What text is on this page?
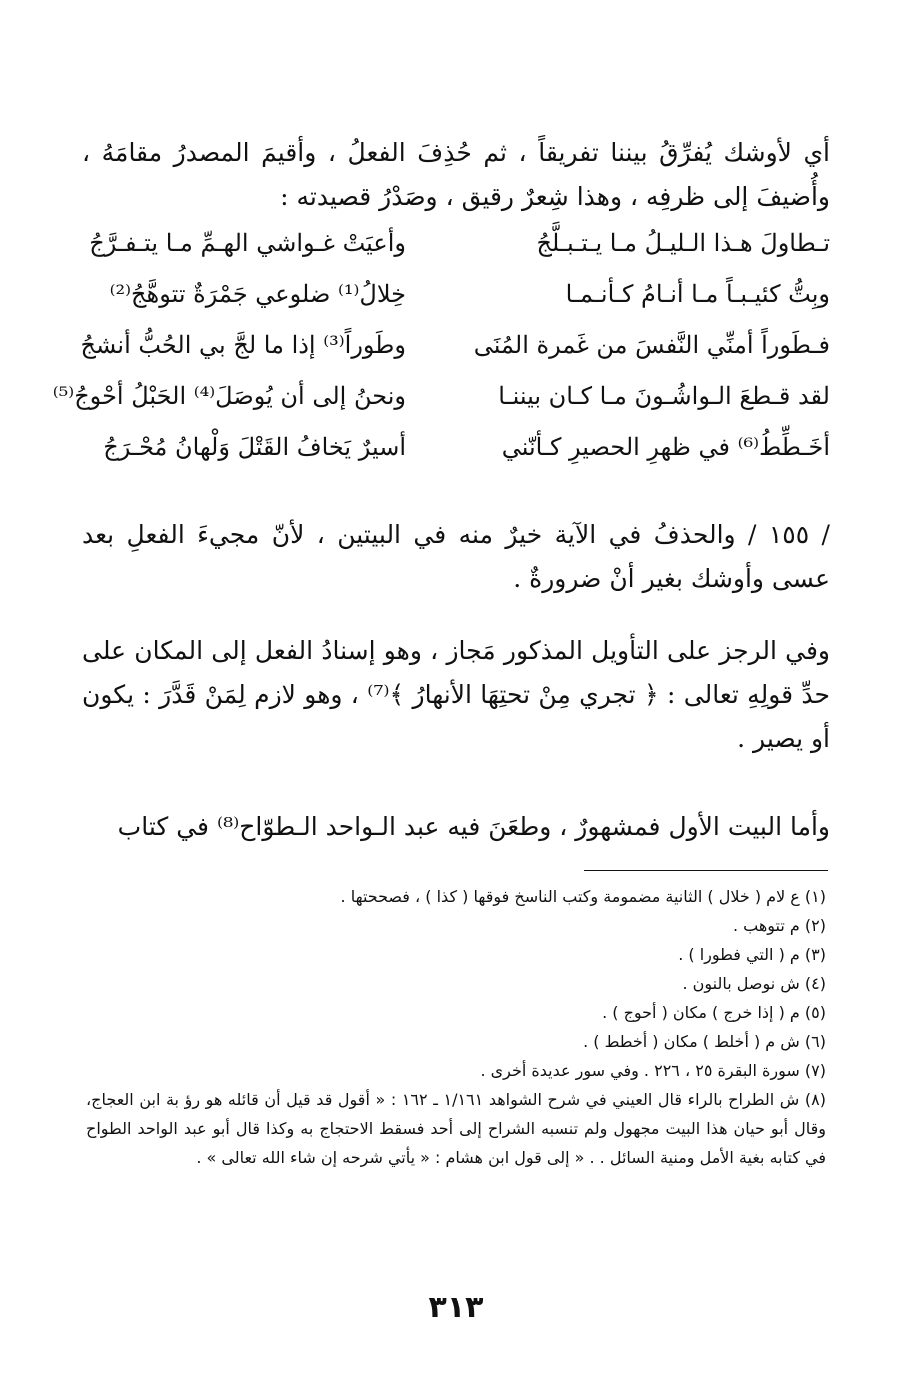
أي لأوشك يُفرِّقُ بيننا تفريقاً ، ثم حُذِفَ الفعلُ ، وأقيمَ المصدرُ مقامَهُ ، وأُضيفَ إلى ظرفِه ، وهذا شِعرٌ رقيق ، وصَدْرُ قصيدته :

تـطاولَ هـذا الـليـلُ مـا يـتـبـلَّجُ
وأعيَتْ غـواشي الهـمِّ مـا يتـفـرَّجُ
وبِتُّ كئيـبـاً مـا أنـامُ كـأنـمـا
خِلالُ⁽¹⁾ ضلوعي جَمْرَةٌ تتوهَّجُ⁽²⁾
فـطَوراً أمنِّي النَّفسَ من غَمرة المُنَى
وطَوراً⁽³⁾ إذا ما لجَّ بي الحُبُّ أنشجُ
لقد قـطعَ الـواشُـونَ مـا كـان بيننـا
ونحنُ إلى أن يُوصَلَ⁽⁴⁾ الحَبْلُ أحْوجُ⁽⁵⁾
أخَـطِّطُ⁽⁶⁾ في ظهرِ الحصيرِ كـأنّني
أسيرٌ يَخافُ القَتْلَ وَلْهانُ مُحْـرَجُ

/ ١٥٥ / والحذفُ في الآية خيرٌ منه في البيتين ، لأنّ مجيءَ الفعلِ بعد عسى وأوشك بغير أنْ ضرورةٌ .

وفي الرجز على التأويل المذكور مَجاز ، وهو إسنادُ الفعل إلى المكان على حدِّ قولِهِ تعالى : ﴿ تجري مِنْ تحتِهَا الأنهارُ ﴾⁽⁷⁾ ، وهو لازم لِمَنْ قَدَّرَ : يكون أو يصير .

وأما البيت الأول فمشهورٌ ، وطعَنَ فيه عبد الـواحد الـطوّاح⁽⁸⁾ في كتاب

(١) ع لام ( خلال ) الثانية مضمومة وكتب الناسخ فوقها ( كذا ) ، فصححتها .
(٢) م تتوهب .
(٣) م ( التي فطورا ) .
(٤) ش نوصل بالنون .
(٥) م ( إذا خرج ) مكان ( أحوج ) .
(٦) ش م ( أخلط ) مكان ( أخطط ) .
(٧) سورة البقرة ٢٥ ، ٢٢٦ . وفي سور عديدة أخرى .
(٨) ش الطراح بالراء قال العيني في شرح الشواهد ١/١٦١ ـ ١٦٢ : « أقول قد قيل أن قائله هو رؤ بة ابن العجاج، وقال أبو حيان هذا البيت مجهول ولم تنسبه الشراح إلى أحد فسقط الاحتجاج به وكذا قال أبو عبد الواحد الطواح في كتابه بغية الأمل ومنية السائل . . « إلى قول ابن هشام : « يأتي شرحه إن شاء الله تعالى » .
٣١٣
